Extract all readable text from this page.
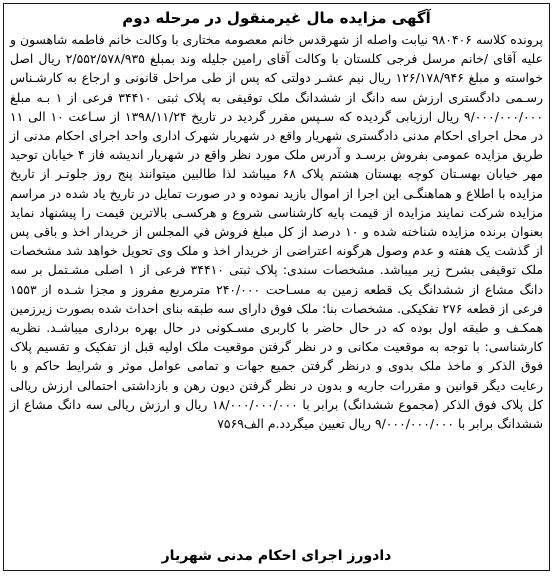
آگهی مزایده مال غیرمنقول در مرحله دوم

پرونده کلاسه ۹۸۰۴۰۶ نیابت واصله از شهرقدس خانم معصومه مختاری با وکالت خانم فاطمه شاهسون و علیه آقای /خانم مرسل فرجی کلستان با وکالت آقای رامین جلیله وند بمبلغ ۲/۵۵۲/۵۷۸/۹۳۵ ریال اصل خواسته و مبلغ ۱۲۶/۱۷۸/۹۴۶ ریال نیم عشـر دولتی که پس از طی مراحل قانونی و ارجاع به کارشـناس رسـمی دادگستری ارزش سه دانگ از ششدانگ ملک توقیفی به پلاک ثبتی ۳۴۴۱۰ فرعی از ۱ بـه مبلغ ۹/۰۰۰/۰۰۰/۰۰۰ ریال ارزیابی گردیده که سـپس مقرر گردید در تاریخ ۱۳۹۸/۱۱/۲۴ از سـاعت ۱۰ الی ۱۱ در محل اجرای احکام مدنی دادگستری شهریار واقع در شهریار شهرک اداری واحد اجرای احکام مدنی از طریق مزایده عمومی بفروش برسـد و آدرس ملک مورد نظر واقع در شهریار اندیشه فاز ۴ خیابان توحید مهر خیابان بهسـتان کوچه بهستان هشتم پلاک ۶۸ میباشد لذا طالبین میتوانند پنج روز جلوتـر از تاریخ مزایده با اطلاع و هماهنگـی این اجرا از اموال بازید نموده و در صورت تمایل در تاریخ یاد شده در مراسم مزایده شرکت نمایند مزایده از قیمت پایه کارشناسی شروع و هرکسـی بالاترین قیمت را پیشنهاد نماید بعنوان برنده مزایده شناخته شده و ۱۰ درصد از کل مبلغ فروش في المجلس از خریدار اخذ و باقی پس از گذشت یک هفته و عدم وصول هرگونه اعتراضی از خریدار اخذ و ملک وی تحویل خواهد شد مشخصات ملک توقیفی بشرح زیر میباشد. مشخصات سندی: پلاک ثبتی ۳۴۴۱۰ فرعی از ۱ اصلی مشـتمل بر سه دانگ مشاع از ششدانگ یک قطعه زمین به مسـاحت ۲۴۰/۰۰۰ مترمربع مفروز و مجزا شـده از ۱۵۵۳ فرعی از قطعه ۲۷۶ تفکیکی. مشخصات بنا: ملک فوق دارای سه طبقه بنای احداث شده بصورت زیرزمین همکـف و طبقه اول بوده که در حال حاضر با کاربری مسـکونی در حال بهره برداری میباشـد. نظریه کارشناسی: با توجه به موقعیت مکانی و در نظر گرفتن موقعیت ملک اولیه قبل از تفکیک و تقسیم پلاک فوق الذکر و ماخذ ملک بدوی و درنظر گرفتن جمیع جهات و تمامی عوامل موثر و شرایط حاکم و با رعایت دیگر قوانین و مقررات جاریه و بدون در نظر گرفتن دیون رهن و بازداشتی احتمالی ارزش ریالی کل پلاک فوق الذکر (مجموع ششدانگ) برابر با ۱۸/۰۰۰/۰۰۰/۰۰۰ ریال و ارزش ریالی سه دانگ مشاع از ششدانگ برابر با ۹/۰۰۰/۰۰۰/۰۰۰ ریال تعیین میگردد.م الف۷۵۶۹

دادورز اجرای احکام مدنی شهریار
